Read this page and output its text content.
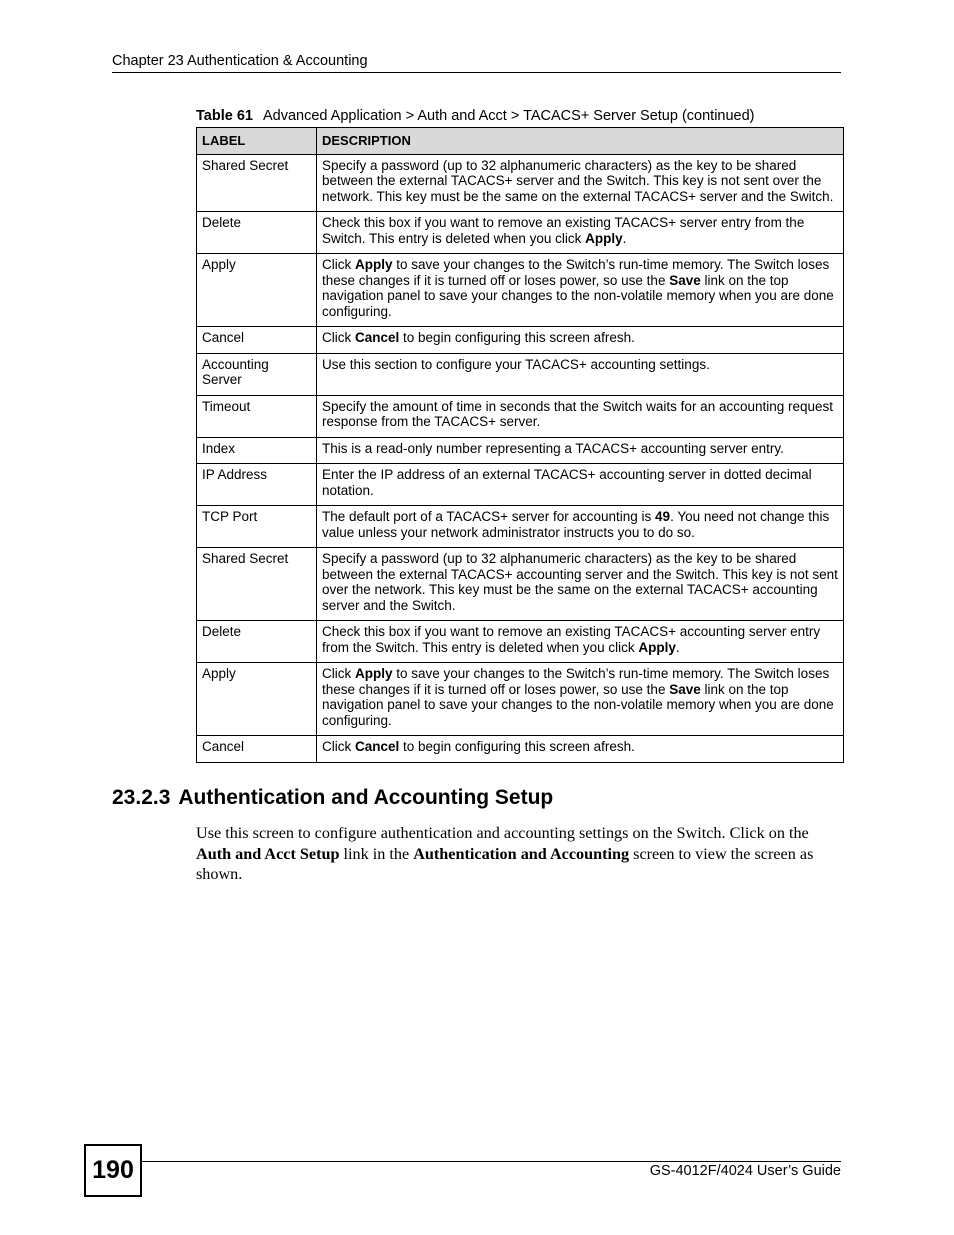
Chapter 23 Authentication & Accounting
Table 61 Advanced Application > Auth and Acct > TACACS+ Server Setup (continued)
LABEL	DESCRIPTION
Shared Secret	Specify a password (up to 32 alphanumeric characters) as the key to be shared between the external TACACS+ server and the Switch. This key is not sent over the network. This key must be the same on the external TACACS+ server and the Switch.
Delete	Check this box if you want to remove an existing TACACS+ server entry from the Switch. This entry is deleted when you click Apply.
Apply	Click Apply to save your changes to the Switch’s run-time memory. The Switch loses these changes if it is turned off or loses power, so use the Save link on the top navigation panel to save your changes to the non-volatile memory when you are done configuring.
Cancel	Click Cancel to begin configuring this screen afresh.
Accounting Server	Use this section to configure your TACACS+ accounting settings.
Timeout	Specify the amount of time in seconds that the Switch waits for an accounting request response from the TACACS+ server.
Index	This is a read-only number representing a TACACS+ accounting server entry.
IP Address	Enter the IP address of an external TACACS+ accounting server in dotted decimal notation.
TCP Port	The default port of a TACACS+ server for accounting is 49. You need not change this value unless your network administrator instructs you to do so.
Shared Secret	Specify a password (up to 32 alphanumeric characters) as the key to be shared between the external TACACS+ accounting server and the Switch. This key is not sent over the network. This key must be the same on the external TACACS+ accounting server and the Switch.
Delete	Check this box if you want to remove an existing TACACS+ accounting server entry from the Switch. This entry is deleted when you click Apply.
Apply	Click Apply to save your changes to the Switch’s run-time memory. The Switch loses these changes if it is turned off or loses power, so use the Save link on the top navigation panel to save your changes to the non-volatile memory when you are done configuring.
Cancel	Click Cancel to begin configuring this screen afresh.
23.2.3 Authentication and Accounting Setup
Use this screen to configure authentication and accounting settings on the Switch. Click on the Auth and Acct Setup link in the Authentication and Accounting screen to view the screen as shown.
190	GS-4012F/4024 User’s Guide
